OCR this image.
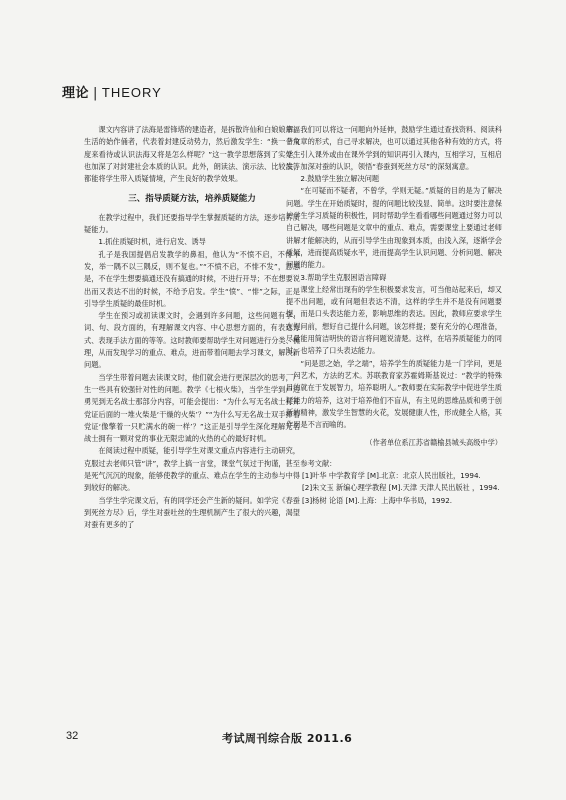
理论 | THEORY

课文内容讲了法海是雷锋塔的建造者，是拆散许仙和白娘娘幸福生活的始作俑者，代表着封建反动势力，然后激发学生：“换一个角度来看待或认识法海又将是怎么样呢？”这一教学思想落到了实处，也加深了对封建社会本质的认识。此外，朗读法、演示法、比较法等都能将学生带入质疑情境，产生良好的教学效果。

三、指导质疑方法，培养质疑能力

在教学过程中，我们还要指导学生掌握质疑的方法，逐步培养质疑能力。

1.抓住质疑时机，进行启发、诱导

孔子是我国提倡启发教学的鼻祖，他认为“不愤不启，不悱不发，举一隅不以三隅反，则不复也。”“不愤不启，不悱不发”，意思是，不在学生想要搞通还没有搞通的时候，不进行开导；不在想要说出而又表达不出的时候，不给予启发。学生“愤”、“悱”之际，正是引导学生质疑的最佳时机。

学生在预习或初读课文时，会遇到许多问题，这些问题有字、词、句、段方面的，有理解课文内容、中心思想方面的，有表达方式、表现手法方面的等等。这时教师要帮助学生对问题进行分类、梳理，从而发现学习的重点、难点，进而带着问题去学习课文，解决新问题。

当学生带着问题去读课文时，他们就会进行更深层次的思考，产生一些具有较强针对性的问题。教学《七根火柴》，当学生学到卢进勇见到无名战士那部分内容，可能会提出：“为什么写无名战士打开党证后面的一堆火柴是‘干燥的火柴’？”“为什么写无名战士双手捧着党证‘像擎着一只贮满水的碗一样’？”这正是引导学生深化理解无名战士拥有一颗对党的事业无限忠诚的火热的心的最好时机。

在阅读过程中质疑，能引导学生对课文重点内容进行主动研究，克服过去老师只管“讲”，教学上搞一言堂，课堂气氛过于拘谨，甚至是死气沉沉的现象，能够使教学的重点、难点在学生的主动参与中得到较好的解决。

当学生学完课文后，有的同学还会产生新的疑问。如学完《春蚕到死丝方尽》后，学生对蚕吐丝的生理机制产生了很大的兴趣，渴望对蚕有更多的了

解。我们可以将这一问题向外延伸，鼓励学生通过查找资料、阅读科普文章的形式，自己寻求解决，也可以通过其他各种有效的方式，将学生引入课外或由在课外学到的知识再引入课内，互相学习，互相启发，加深对蚕的认识，领悟“春蚕到死丝方尽”的深刻寓意。

2.鼓励学生独立解决问题

“在可疑而不疑者，不曾学，学则无疑。”质疑的目的是为了解决问题。学生在开始质疑时，提的问题比较浅显、简单。这时要注意保护学生学习质疑的积极性，同时帮助学生看看哪些问题通过努力可以自己解决，哪些问题是文章中的重点、难点，需要课堂上要通过老师讲解才能解决的，从而引导学生由现象到本质，由浅入深，逐渐学会质疑，进而提高质疑水平，进而提高学生认识问题、分析问题、解决问题的能力。

3.帮助学生克服困语言障碍

课堂上经常出现有的学生积极要求发言，可当他站起来后，却又提不出问题，或有问题但表达不清，这样的学生并不是没有问题要提，而是口头表达能力差，影响思维的表达。因此，教师应要求学生在提问前，想好自己提什么问题，该怎样提；要有充分的心理准备，尽量能用简洁明快的语言将问题说清楚。这样，在培养质疑能力的同时，也培养了口头表达能力。

“问是思之始，学之端”，培养学生的质疑能力是一门学问，更是一门艺术，方法的艺术。苏联教育家苏霍姆斯基说过：“教学的特殊目的就在于发展智力，培养聪明人。”教师要在实际教学中促进学生质疑能力的培养，这对于培养他们不盲从，有主见的思维品质和勇于创新的精神，激发学生智慧的火花，发展健康人性，形成健全人格，其作用是不言而喻的。

（作者单位系江苏省赣榆县城头高级中学）

参考文献：

[1]叶华 中学教育学 [M].北京：北京人民出版社，1994.

[2]朱文玉 新编心理学教程 [M].天津 天津人民出版社 ，1994.

[3]杨树 论语 [M].上海：上海中华书局，1992.

32	考试周刊综合版 2011.6
